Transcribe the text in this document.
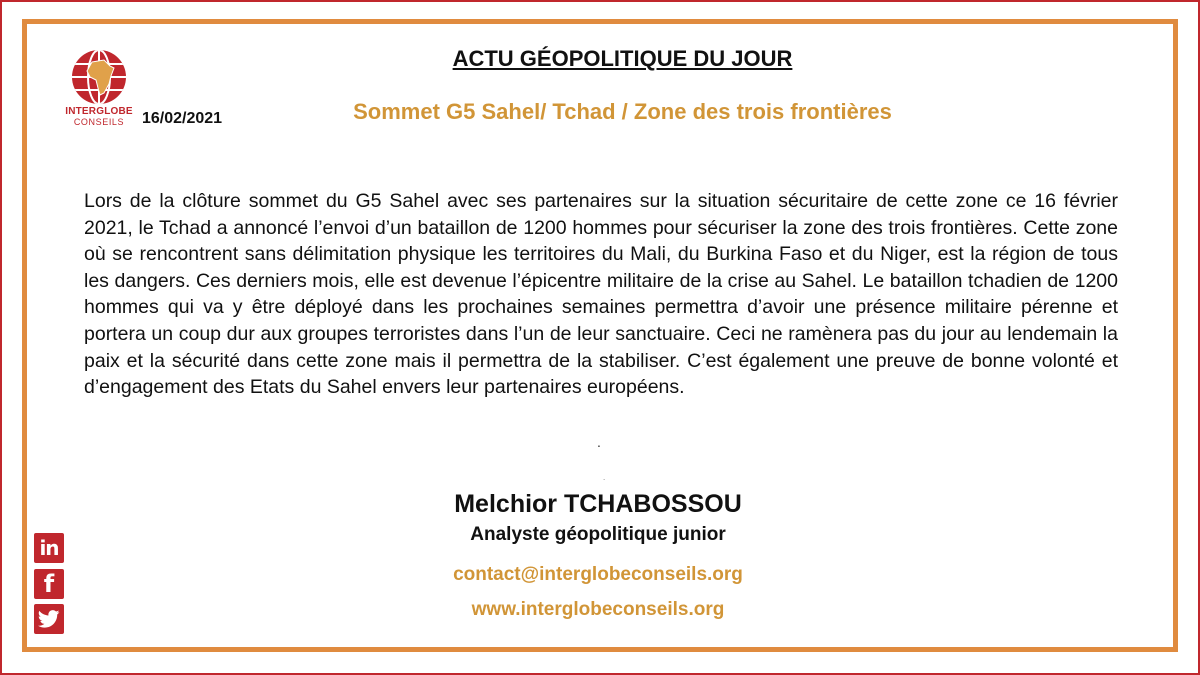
INTERGLOBE
CONSEILS	16/02/2021
ACTU GÉOPOLITIQUE DU JOUR
Sommet G5 Sahel/ Tchad / Zone des trois frontières

Lors de la clôture sommet du G5 Sahel avec ses partenaires sur la situation sécuritaire de cette zone ce 16 février 2021, le Tchad a annoncé l’envoi d’un bataillon de 1200 hommes pour sécuriser la zone des trois frontières. Cette zone où se rencontrent sans délimitation physique les territoires du Mali, du Burkina Faso et du Niger, est la région de tous les dangers. Ces derniers mois, elle est devenue l’épicentre militaire de la crise au Sahel. Le bataillon tchadien de 1200 hommes qui va y être déployé dans les prochaines semaines permettra d’avoir une présence militaire pérenne et portera un coup dur aux groupes terroristes dans l’un de leur sanctuaire. Ceci ne ramènera pas du jour au lendemain la paix et la sécurité dans cette zone mais il permettra de la stabiliser. C’est également une preuve de bonne volonté et d’engagement des Etats du Sahel envers leur partenaires européens.

.
.
Melchior TCHABOSSOU
Analyste géopolitique junior
contact@interglobeconseils.org
www.interglobeconseils.org
in
f
